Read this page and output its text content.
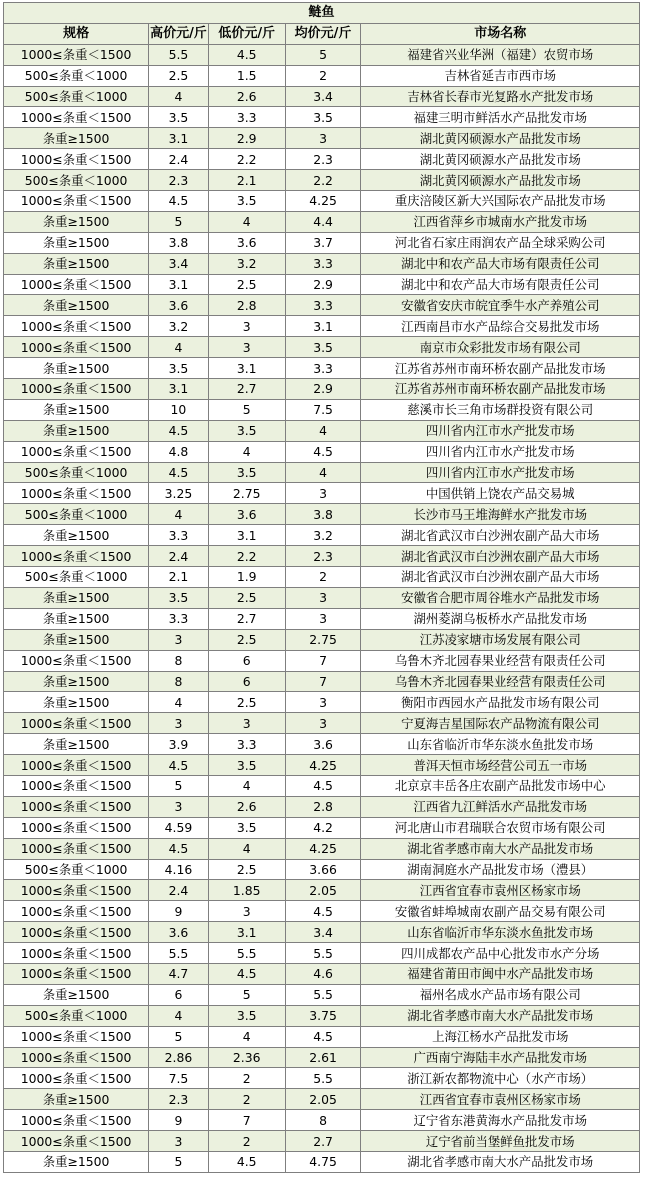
鲢鱼				
规格	高价元/斤	低价元/斤	均价元/斤	市场名称
1000≤条重＜1500	5.5	4.5	5	福建省兴业华洲（福建）农贸市场
500≤条重＜1000	2.5	1.5	2	吉林省延吉市西市场
500≤条重＜1000	4	2.6	3.4	吉林省长春市光复路水产批发市场
1000≤条重＜1500	3.5	3.3	3.5	福建三明市鲜活水产品批发市场
条重≥1500	3.1	2.9	3	湖北黄冈硕源水产品批发市场
1000≤条重＜1500	2.4	2.2	2.3	湖北黄冈硕源水产品批发市场
500≤条重＜1000	2.3	2.1	2.2	湖北黄冈硕源水产品批发市场
1000≤条重＜1500	4.5	3.5	4.25	重庆涪陵区新大兴国际农产品批发市场
条重≥1500	5	4	4.4	江西省萍乡市城南水产批发市场
条重≥1500	3.8	3.6	3.7	河北省石家庄雨润农产品全球采购公司
条重≥1500	3.4	3.2	3.3	湖北中和农产品大市场有限责任公司
1000≤条重＜1500	3.1	2.5	2.9	湖北中和农产品大市场有限责任公司
条重≥1500	3.6	2.8	3.3	安徽省安庆市皖宜季牛水产养殖公司
1000≤条重＜1500	3.2	3	3.1	江西南昌市水产品综合交易批发市场
1000≤条重＜1500	4	3	3.5	南京市众彩批发市场有限公司
条重≥1500	3.5	3.1	3.3	江苏省苏州市南环桥农副产品批发市场
1000≤条重＜1500	3.1	2.7	2.9	江苏省苏州市南环桥农副产品批发市场
条重≥1500	10	5	7.5	慈溪市长三角市场群投资有限公司
条重≥1500	4.5	3.5	4	四川省内江市水产批发市场
1000≤条重＜1500	4.8	4	4.5	四川省内江市水产批发市场
500≤条重＜1000	4.5	3.5	4	四川省内江市水产批发市场
1000≤条重＜1500	3.25	2.75	3	中国供销上饶农产品交易城
500≤条重＜1000	4	3.6	3.8	长沙市马王堆海鲜水产批发市场
条重≥1500	3.3	3.1	3.2	湖北省武汉市白沙洲农副产品大市场
1000≤条重＜1500	2.4	2.2	2.3	湖北省武汉市白沙洲农副产品大市场
500≤条重＜1000	2.1	1.9	2	湖北省武汉市白沙洲农副产品大市场
条重≥1500	3.5	2.5	3	安徽省合肥市周谷堆水产品批发市场
条重≥1500	3.3	2.7	3	湖州菱湖乌板桥水产品批发市场
条重≥1500	3	2.5	2.75	江苏凌家塘市场发展有限公司
1000≤条重＜1500	8	6	7	乌鲁木齐北园春果业经营有限责任公司
条重≥1500	8	6	7	乌鲁木齐北园春果业经营有限责任公司
条重≥1500	4	2.5	3	衡阳市西园水产品批发市场有限公司
1000≤条重＜1500	3	3	3	宁夏海吉星国际农产品物流有限公司
条重≥1500	3.9	3.3	3.6	山东省临沂市华东淡水鱼批发市场
1000≤条重＜1500	4.5	3.5	4.25	普洱天恒市场经营公司五一市场
1000≤条重＜1500	5	4	4.5	北京京丰岳各庄农副产品批发市场中心
1000≤条重＜1500	3	2.6	2.8	江西省九江鲜活水产品批发市场
1000≤条重＜1500	4.59	3.5	4.2	河北唐山市君瑞联合农贸市场有限公司
1000≤条重＜1500	4.5	4	4.25	湖北省孝感市南大水产品批发市场
500≤条重＜1000	4.16	2.5	3.66	湖南洞庭水产品批发市场（澧县）
1000≤条重＜1500	2.4	1.85	2.05	江西省宜春市袁州区杨家市场
1000≤条重＜1500	9	3	4.5	安徽省蚌埠城南农副产品交易有限公司
1000≤条重＜1500	3.6	3.1	3.4	山东省临沂市华东淡水鱼批发市场
1000≤条重＜1500	5.5	5.5	5.5	四川成都农产品中心批发市水产分场
1000≤条重＜1500	4.7	4.5	4.6	福建省莆田市闽中水产品批发市场
条重≥1500	6	5	5.5	福州名成水产品市场有限公司
500≤条重＜1000	4	3.5	3.75	湖北省孝感市南大水产品批发市场
1000≤条重＜1500	5	4	4.5	上海江杨水产品批发市场
1000≤条重＜1500	2.86	2.36	2.61	广西南宁海陆丰水产品批发市场
1000≤条重＜1500	7.5	2	5.5	浙江新农都物流中心（水产市场）
条重≥1500	2.3	2	2.05	江西省宜春市袁州区杨家市场
1000≤条重＜1500	9	7	8	辽宁省东港黄海水产品批发市场
1000≤条重＜1500	3	2	2.7	辽宁省前当堡鲜鱼批发市场
条重≥1500	5	4.5	4.75	湖北省孝感市南大水产品批发市场
